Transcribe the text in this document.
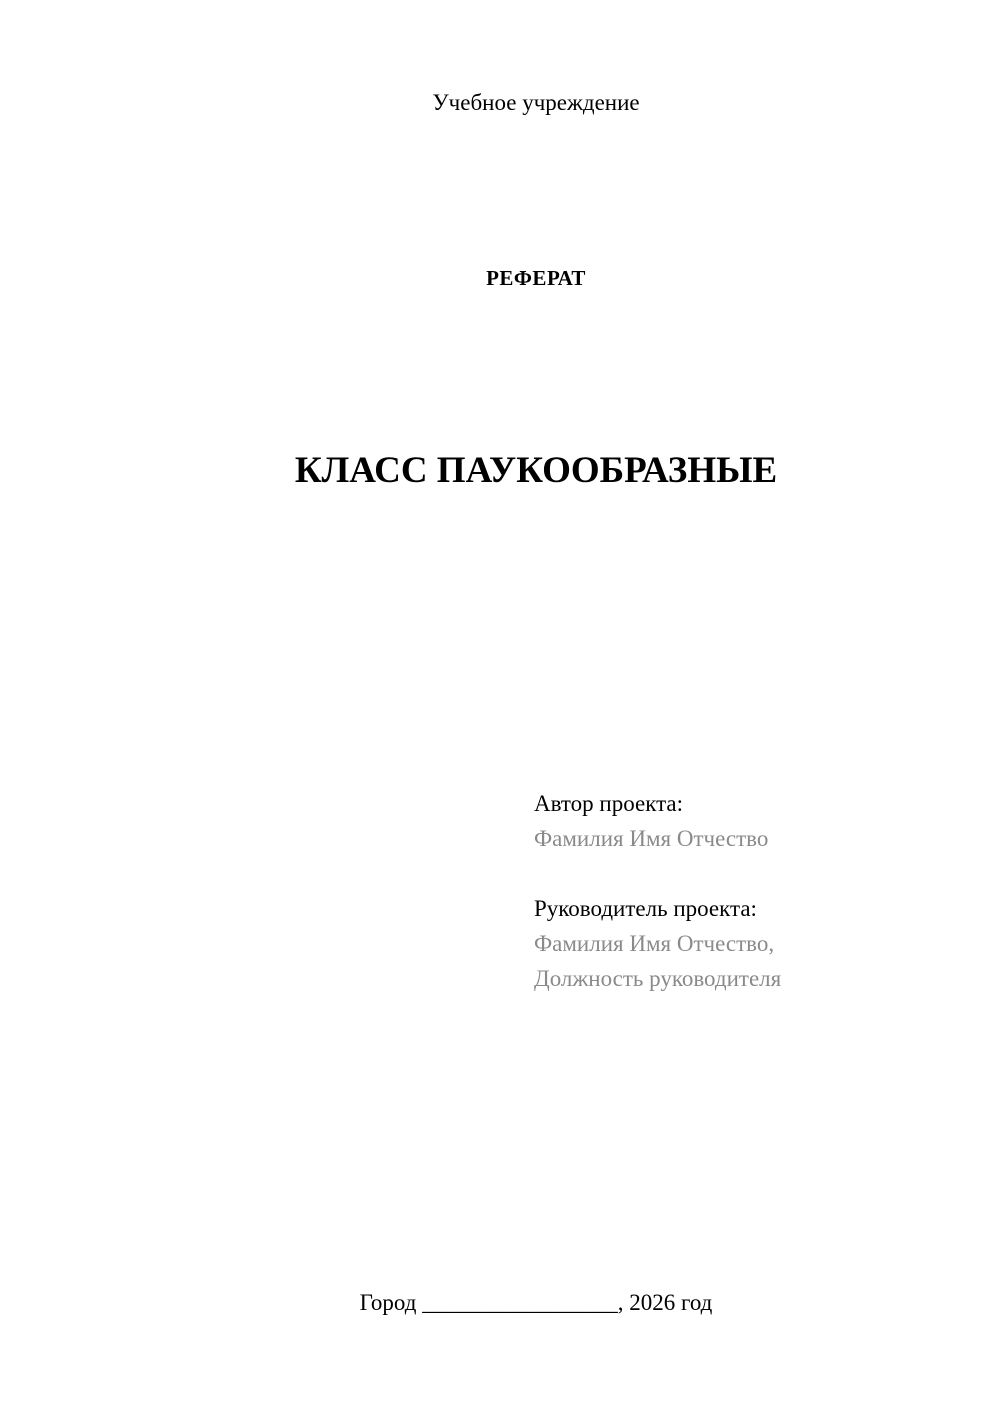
Учебное учреждение
РЕФЕРАТ
КЛАСС ПАУКООБРАЗНЫЕ
Автор проекта:
Фамилия Имя Отчество
Руководитель проекта:
Фамилия Имя Отчество,
Должность руководителя
Город _________________, 2026 год
